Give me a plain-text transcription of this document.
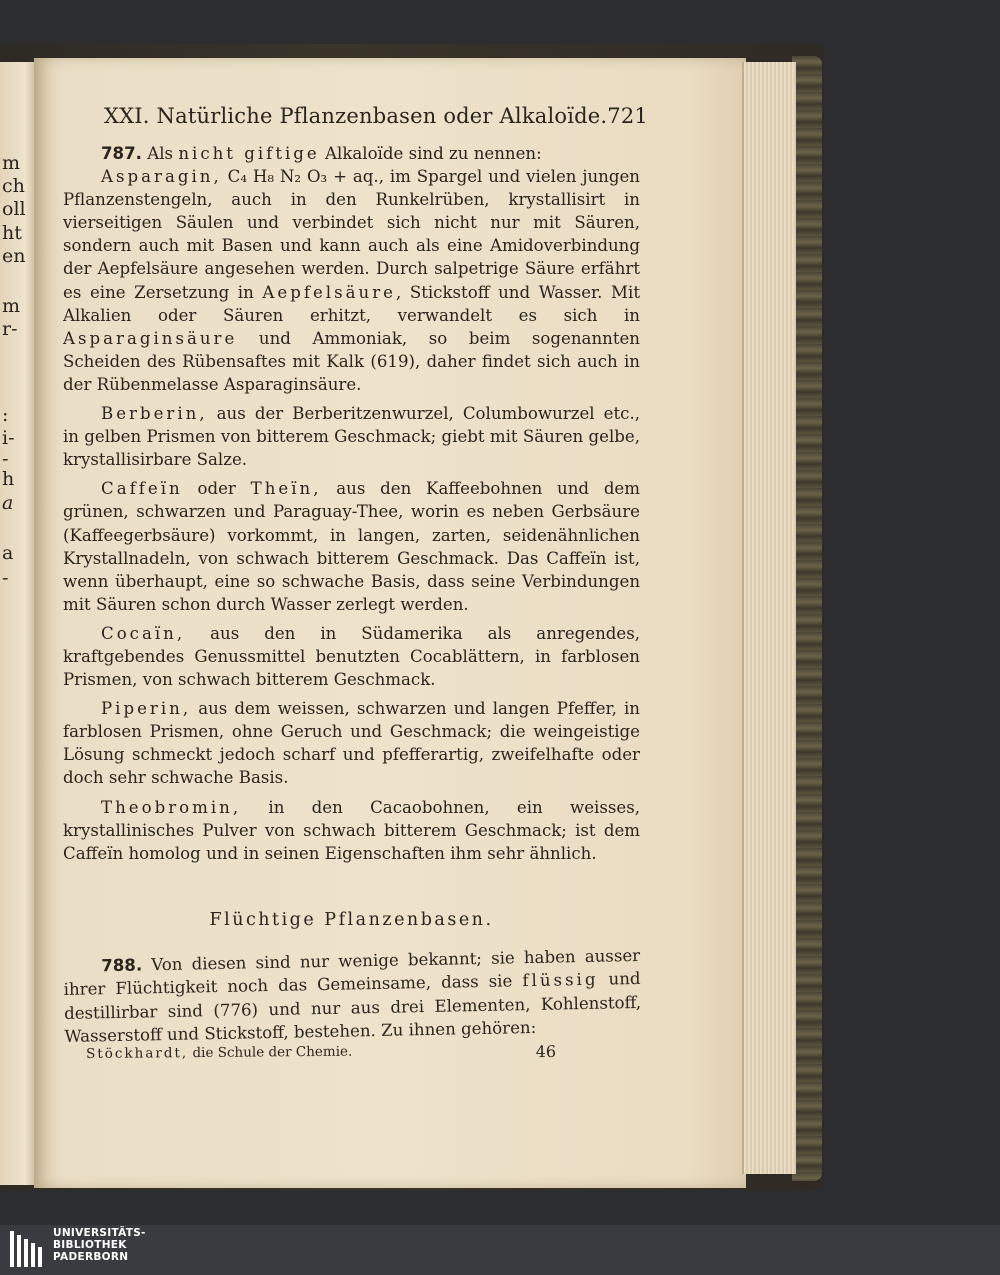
m
ch
oll
ht
en
m
r-
:
i-
-
h
a
a
-
XXI. Natürliche Pflanzenbasen oder Alkaloïde. 721

787. Als nicht giftige Alkaloïde sind zu nennen:

Asparagin, C₄ H₈ N₂ O₃ + aq., im Spargel und vielen jungen Pflanzenstengeln, auch in den Runkelrüben, krystallisirt in vierseitigen Säulen und verbindet sich nicht nur mit Säuren, sondern auch mit Basen und kann auch als eine Amidoverbindung der Aepfelsäure angesehen werden. Durch salpetrige Säure erfährt es eine Zersetzung in Aepfelsäure, Stickstoff und Wasser. Mit Alkalien oder Säuren erhitzt, verwandelt es sich in Asparaginsäure und Ammoniak, so beim sogenannten Scheiden des Rübensaftes mit Kalk (619), daher findet sich auch in der Rübenmelasse Asparaginsäure.

Berberin, aus der Berberitzenwurzel, Columbowurzel etc., in gelben Prismen von bitterem Geschmack; giebt mit Säuren gelbe, krystallisirbare Salze.

Caffeïn oder Theïn, aus den Kaffeebohnen und dem grünen, schwarzen und Paraguay-Thee, worin es neben Gerbsäure (Kaffeegerbsäure) vorkommt, in langen, zarten, seidenähnlichen Krystallnadeln, von schwach bitterem Geschmack. Das Caffeïn ist, wenn überhaupt, eine so schwache Basis, dass seine Verbindungen mit Säuren schon durch Wasser zerlegt werden.

Cocaïn, aus den in Südamerika als anregendes, kraftgebendes Genussmittel benutzten Cocablättern, in farblosen Prismen, von schwach bitterem Geschmack.

Piperin, aus dem weissen, schwarzen und langen Pfeffer, in farblosen Prismen, ohne Geruch und Geschmack; die weingeistige Lösung schmeckt jedoch scharf und pfefferartig, zweifelhafte oder doch sehr schwache Basis.

Theobromin, in den Cacaobohnen, ein weisses, krystallinisches Pulver von schwach bitterem Geschmack; ist dem Caffeïn homolog und in seinen Eigenschaften ihm sehr ähnlich.

Flüchtige Pflanzenbasen.

788. Von diesen sind nur wenige bekannt; sie haben ausser ihrer Flüchtigkeit noch das Gemeinsame, dass sie flüssig und destillirbar sind (776) und nur aus drei Elementen, Kohlenstoff, Wasserstoff und Stickstoff, bestehen. Zu ihnen gehören:

Stöckhardt, die Schule der Chemie.	46
UNIVERSITÄTS-
BIBLIOTHEK
PADERBORN
